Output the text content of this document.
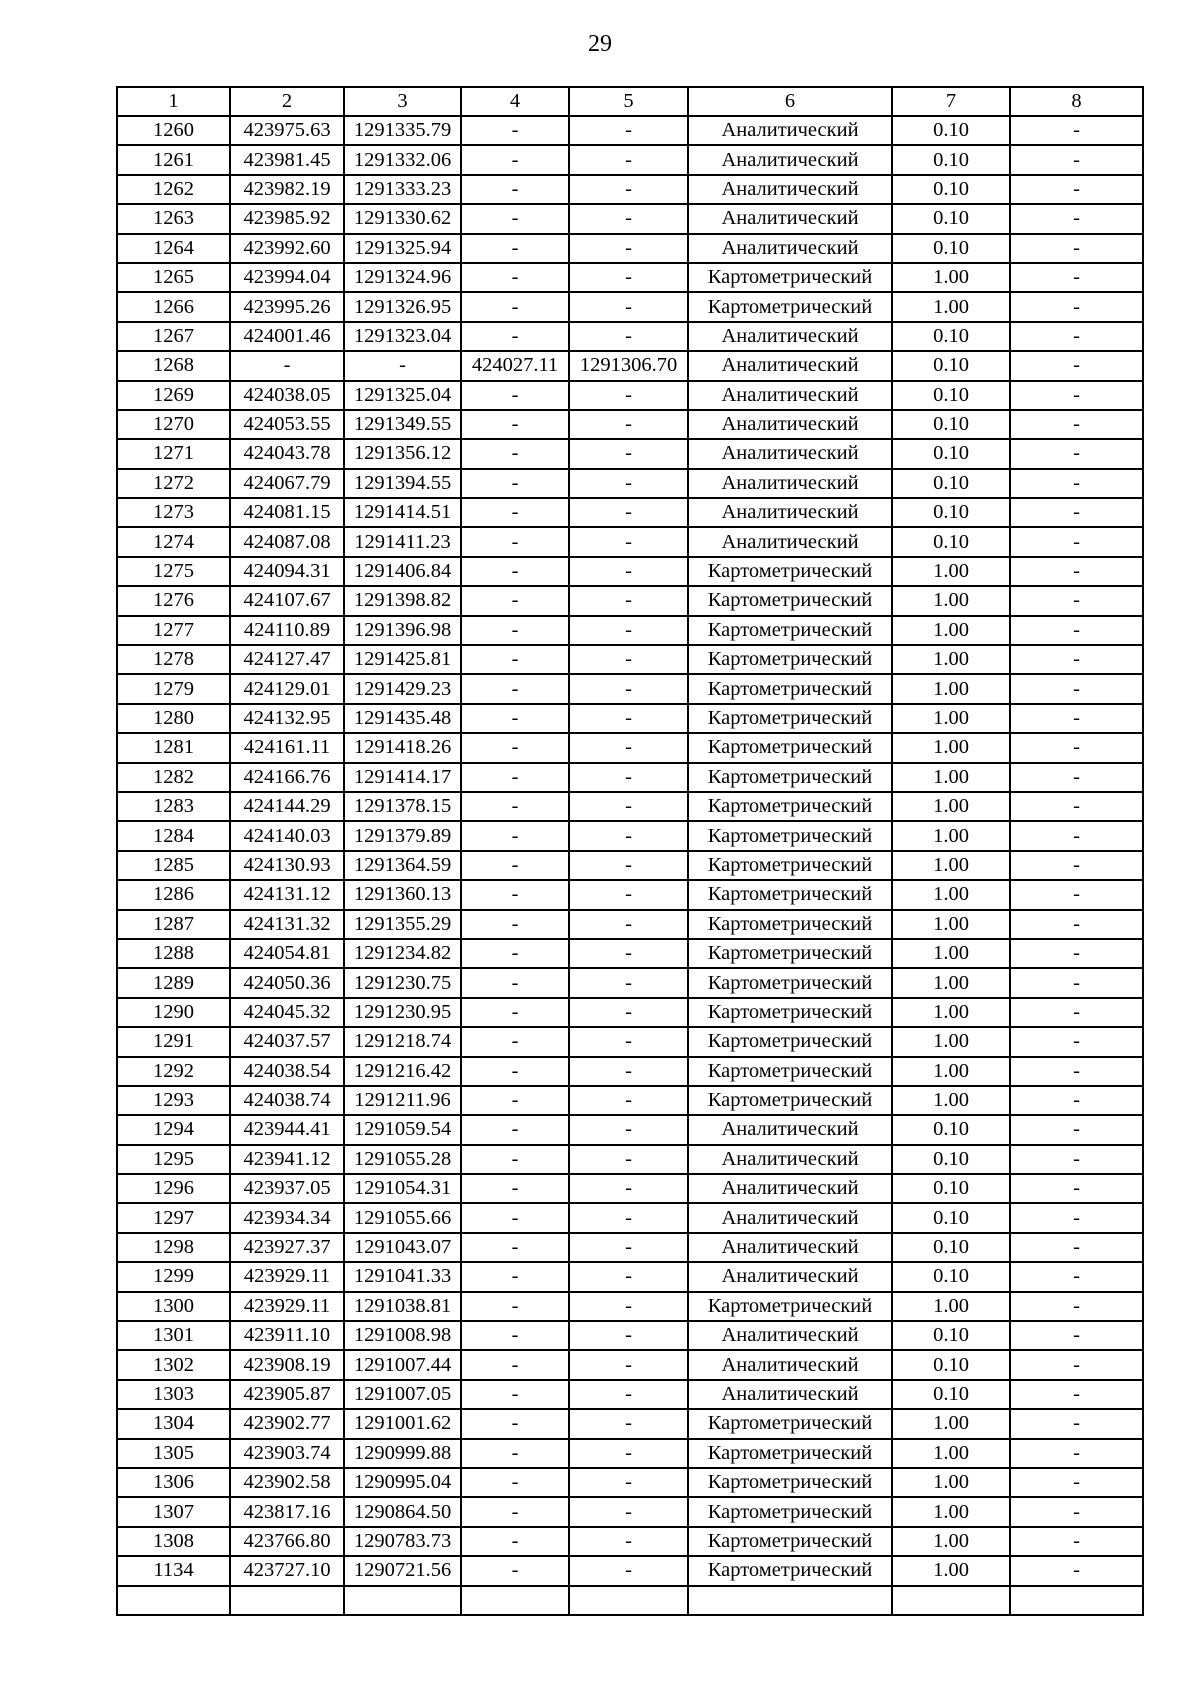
29
1	2	3	4	5	6	7	8
1260	423975.63	1291335.79	-	-	Аналитический	0.10	-
1261	423981.45	1291332.06	-	-	Аналитический	0.10	-
1262	423982.19	1291333.23	-	-	Аналитический	0.10	-
1263	423985.92	1291330.62	-	-	Аналитический	0.10	-
1264	423992.60	1291325.94	-	-	Аналитический	0.10	-
1265	423994.04	1291324.96	-	-	Картометрический	1.00	-
1266	423995.26	1291326.95	-	-	Картометрический	1.00	-
1267	424001.46	1291323.04	-	-	Аналитический	0.10	-
1268	-	-	424027.11	1291306.70	Аналитический	0.10	-
1269	424038.05	1291325.04	-	-	Аналитический	0.10	-
1270	424053.55	1291349.55	-	-	Аналитический	0.10	-
1271	424043.78	1291356.12	-	-	Аналитический	0.10	-
1272	424067.79	1291394.55	-	-	Аналитический	0.10	-
1273	424081.15	1291414.51	-	-	Аналитический	0.10	-
1274	424087.08	1291411.23	-	-	Аналитический	0.10	-
1275	424094.31	1291406.84	-	-	Картометрический	1.00	-
1276	424107.67	1291398.82	-	-	Картометрический	1.00	-
1277	424110.89	1291396.98	-	-	Картометрический	1.00	-
1278	424127.47	1291425.81	-	-	Картометрический	1.00	-
1279	424129.01	1291429.23	-	-	Картометрический	1.00	-
1280	424132.95	1291435.48	-	-	Картометрический	1.00	-
1281	424161.11	1291418.26	-	-	Картометрический	1.00	-
1282	424166.76	1291414.17	-	-	Картометрический	1.00	-
1283	424144.29	1291378.15	-	-	Картометрический	1.00	-
1284	424140.03	1291379.89	-	-	Картометрический	1.00	-
1285	424130.93	1291364.59	-	-	Картометрический	1.00	-
1286	424131.12	1291360.13	-	-	Картометрический	1.00	-
1287	424131.32	1291355.29	-	-	Картометрический	1.00	-
1288	424054.81	1291234.82	-	-	Картометрический	1.00	-
1289	424050.36	1291230.75	-	-	Картометрический	1.00	-
1290	424045.32	1291230.95	-	-	Картометрический	1.00	-
1291	424037.57	1291218.74	-	-	Картометрический	1.00	-
1292	424038.54	1291216.42	-	-	Картометрический	1.00	-
1293	424038.74	1291211.96	-	-	Картометрический	1.00	-
1294	423944.41	1291059.54	-	-	Аналитический	0.10	-
1295	423941.12	1291055.28	-	-	Аналитический	0.10	-
1296	423937.05	1291054.31	-	-	Аналитический	0.10	-
1297	423934.34	1291055.66	-	-	Аналитический	0.10	-
1298	423927.37	1291043.07	-	-	Аналитический	0.10	-
1299	423929.11	1291041.33	-	-	Аналитический	0.10	-
1300	423929.11	1291038.81	-	-	Картометрический	1.00	-
1301	423911.10	1291008.98	-	-	Аналитический	0.10	-
1302	423908.19	1291007.44	-	-	Аналитический	0.10	-
1303	423905.87	1291007.05	-	-	Аналитический	0.10	-
1304	423902.77	1291001.62	-	-	Картометрический	1.00	-
1305	423903.74	1290999.88	-	-	Картометрический	1.00	-
1306	423902.58	1290995.04	-	-	Картометрический	1.00	-
1307	423817.16	1290864.50	-	-	Картометрический	1.00	-
1308	423766.80	1290783.73	-	-	Картометрический	1.00	-
1134	423727.10	1290721.56	-	-	Картометрический	1.00	-
